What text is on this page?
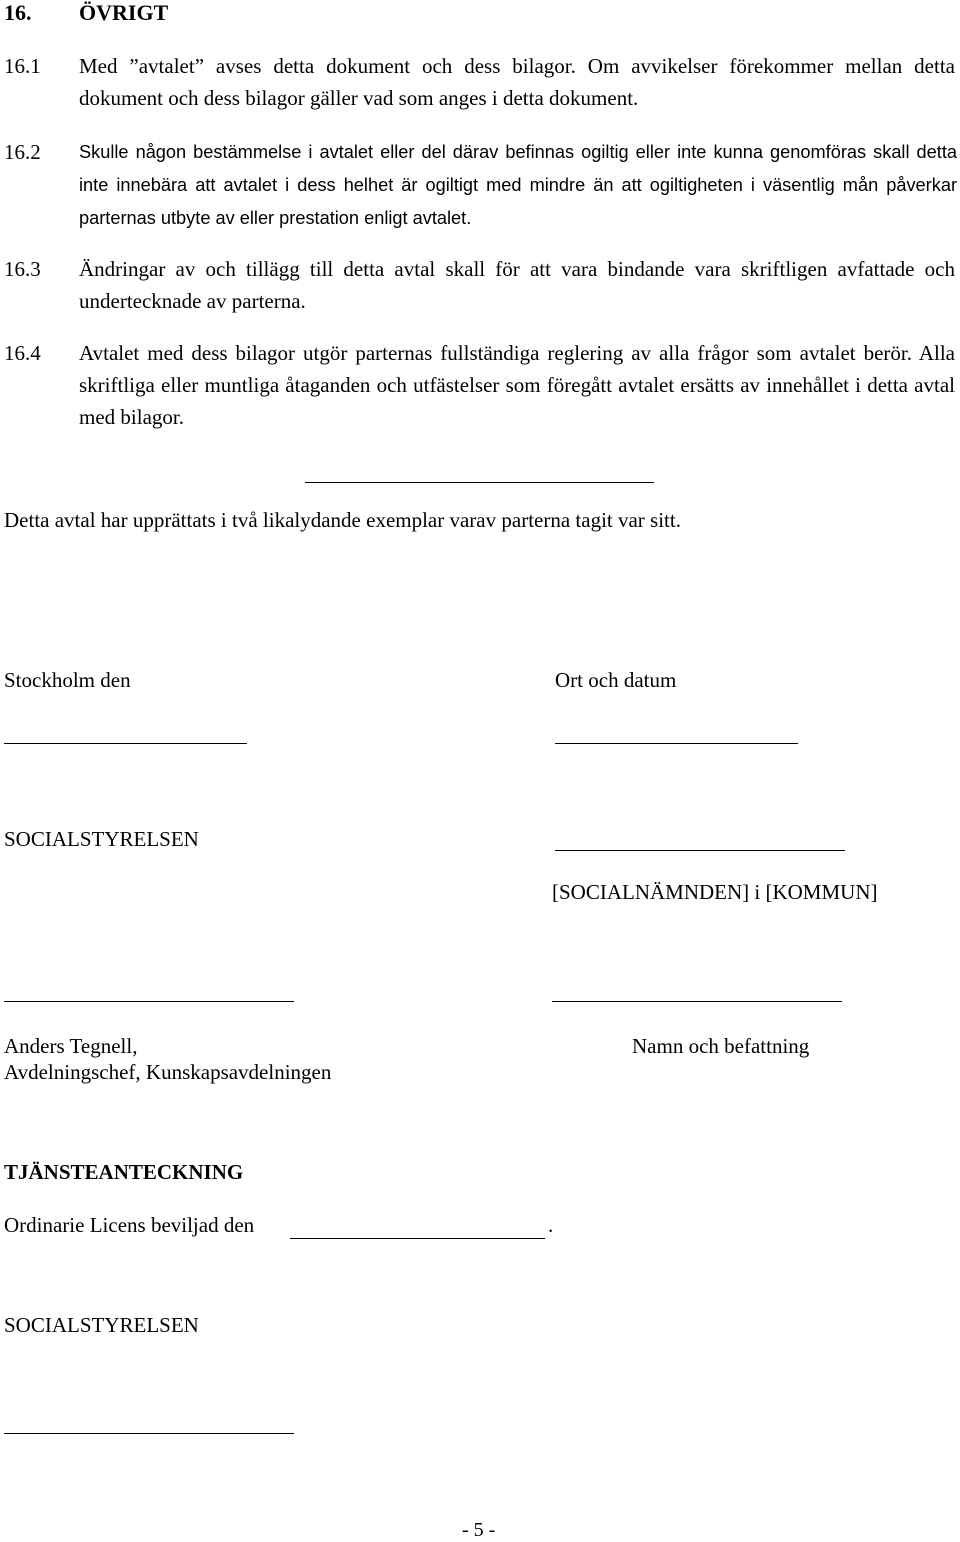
16. ÖVRIGT
16.1 Med ”avtalet” avses detta dokument och dess bilagor. Om avvikelser förekommer mellan detta dokument och dess bilagor gäller vad som anges i detta dokument.
16.2 Skulle någon bestämmelse i avtalet eller del därav befinnas ogiltig eller inte kunna genomföras skall detta inte innebära att avtalet i dess helhet är ogiltigt med mindre än att ogiltigheten i väsentlig mån påverkar parternas utbyte av eller prestation enligt avtalet.
16.3 Ändringar av och tillägg till detta avtal skall för att vara bindande vara skriftligen avfattade och undertecknade av parterna.
16.4 Avtalet med dess bilagor utgör parternas fullständiga reglering av alla frågor som avtalet berör. Alla skriftliga eller muntliga åtaganden och utfästelser som föregått avtalet ersätts av innehållet i detta avtal med bilagor.
Detta avtal har upprättats i två likalydande exemplar varav parterna tagit var sitt.
Stockholm den	Ort och datum
SOCIALSTYRELSEN
[SOCIALNÄMNDEN] i [KOMMUN]
Anders Tegnell,
Avdelningschef, Kunskapsavdelningen
Namn och befattning
TJÄNSTEANTECKNING
Ordinarie Licens beviljad den	.
SOCIALSTYRELSEN
- 5 -
